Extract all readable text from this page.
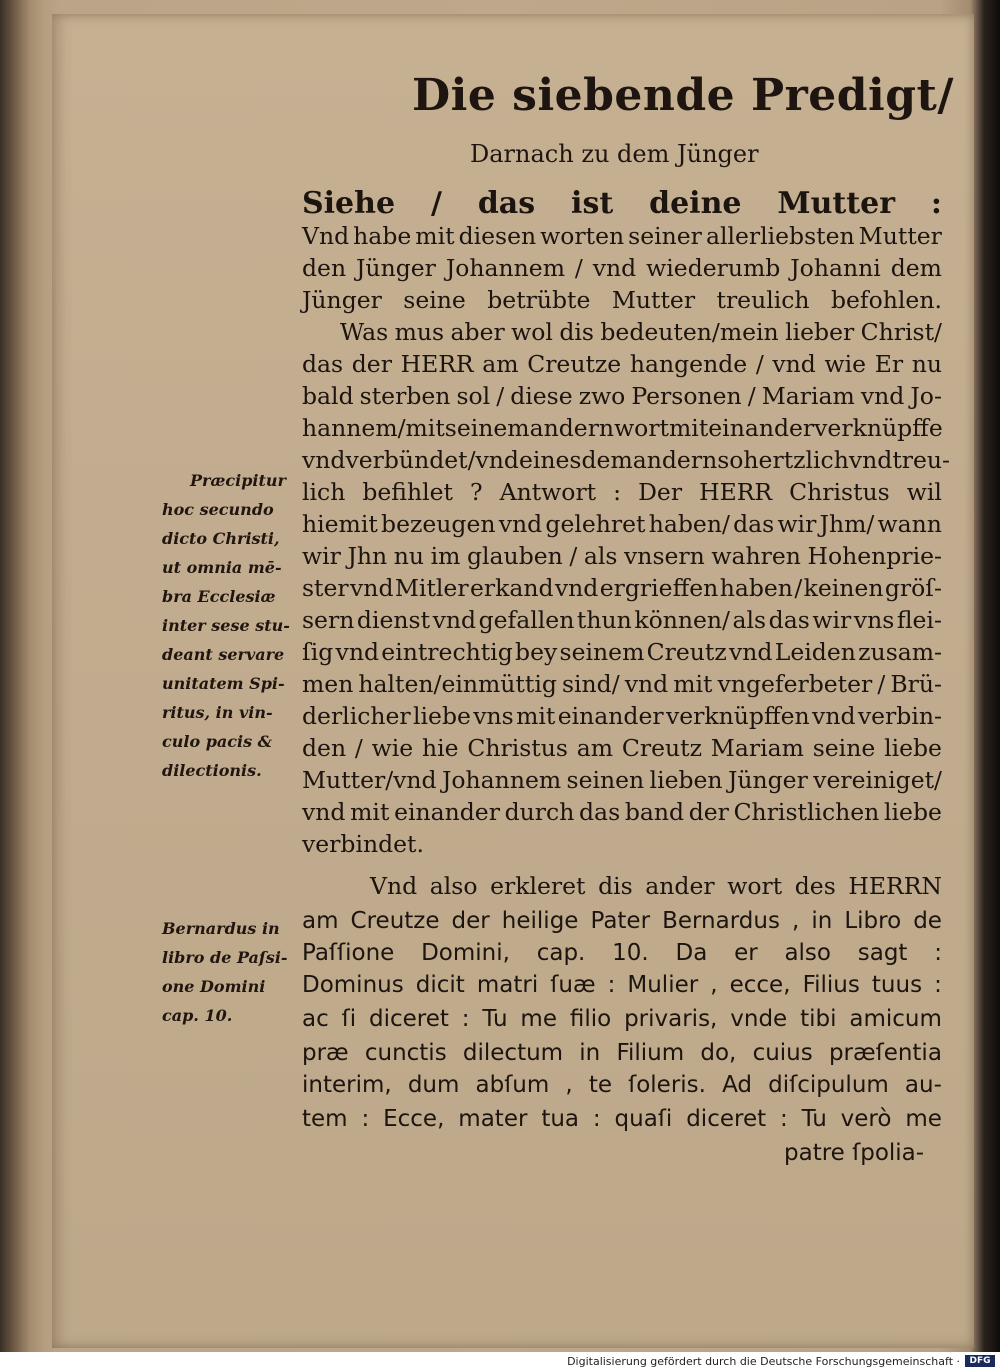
Die siebende Predigt/
Darnach zu dem Jünger
Siehe / das ist deine Mutter :
Vnd habe mit diesen worten seiner allerliebsten Mutter
den Jünger Johannem / vnd wiederumb Johanni dem
Jünger seine betrübte Mutter treulich befohlen.
Was mus aber wol dis bedeuten/mein lieber Christ/
das der HERR am Creutze hangende / vnd wie Er nu
bald sterben sol / diese zwo Personen / Mariam vnd Jo-
hannem/mit seinem andern wort mit einander verknüpffe
vnd verbündet/vnd eines dem andern so hertzlich vnd treu-
lich befihlet ? Antwort : Der HERR Christus wil
hiemit bezeugen vnd gelehret haben/ das wir Jhm/ wann
wir Jhn nu im glauben / als vnsern wahren Hohenprie-
ster vnd Mitler erkand vnd ergrieffen haben / keinen gröſ-
sern dienst vnd gefallen thun können/ als das wir vns flei-
ſig vnd eintrechtig bey seinem Creutz vnd Leiden zusam-
men halten/einmüttig sind/ vnd mit vngeferbeter / Brü-
derlicher liebe vns mit einander verknüpffen vnd verbin-
den / wie hie Christus am Creutz Mariam seine liebe
Mutter/vnd Johannem seinen lieben Jünger vereiniget/
vnd mit einander durch das band der Christlichen liebe
verbindet.
Vnd also erkleret dis ander wort des HERRN
am Creutze der heilige Pater Bernardus , in Libro de
Paſſione Domini, cap. 10. Da er also sagt :
Dominus dicit matri ſuæ : Mulier , ecce, Filius tuus :
ac ſi diceret : Tu me filio privaris, vnde tibi amicum
præ cunctis dilectum in Filium do, cuius præſentia
interim, dum abſum , te ſoleris. Ad diſcipulum au-
tem : Ecce, mater tua : quaſi diceret : Tu verò me
patre ſpolia-
Præcipitur
hoc secundo
dicto Christi,
ut omnia mē-
bra Ecclesiæ
inter sese stu-
deant servare
unitatem Spi-
ritus, in vin-
culo pacis &
dilectionis.
Bernardus in
libro de Paſsi-
one Domini
cap. 10.
Digitalisierung gefördert durch die Deutsche Forschungsgemeinschaft ·	DFG
